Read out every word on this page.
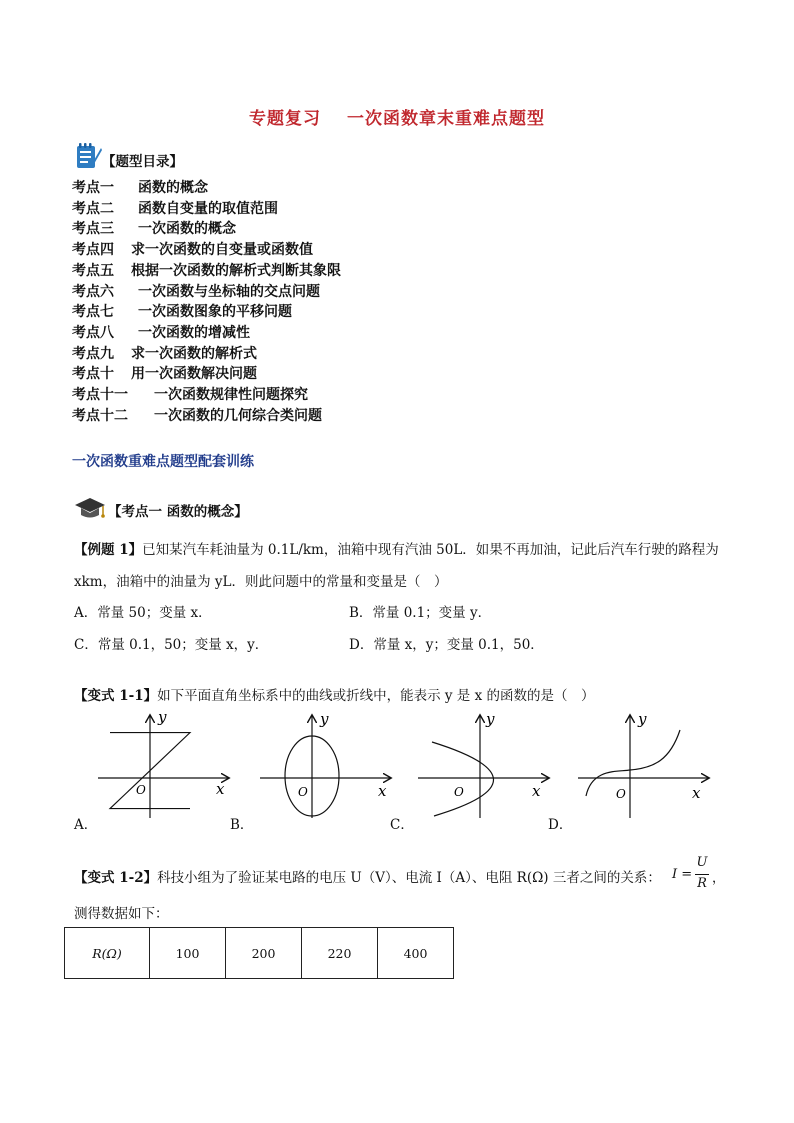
专题复习 一次函数章末重难点题型
【题型目录】
考点一 函数的概念
考点二 函数自变量的取值范围
考点三 一次函数的概念
考点四 求一次函数的自变量或函数值
考点五 根据一次函数的解析式判断其象限
考点六 一次函数与坐标轴的交点问题
考点七 一次函数图象的平移问题
考点八 一次函数的增减性
考点九 求一次函数的解析式
考点十 用一次函数解决问题
考点十一 一次函数规律性问题探究
考点十二 一次函数的几何综合类问题
一次函数重难点题型配套训练
【考点一 函数的概念】
【例题 1】已知某汽车耗油量为 0.1L/km，油箱中现有汽油 50L．如果不再加油，记此后汽车行驶的路程为
xkm，油箱中的油量为 yL．则此问题中的常量和变量是（　）
A．常量 50；变量 x．	B．常量 0.1；变量 y．
C．常量 0.1，50；变量 x，y．	D．常量 x，y；变量 0.1，50．
【变式 1-1】如下平面直角坐标系中的曲线或折线中，能表示 y 是 x 的函数的是（　）
y
x
O
A．
y
x
O
B．
y
x
O
C．
y
x
O
D．
【变式 1-2】科技小组为了验证某电路的电压 U（V）、电流 I（A）、电阻 R(Ω) 三者之间的关系： I =
U
R ，
测得数据如下：
R(Ω)	100	200	220	400
